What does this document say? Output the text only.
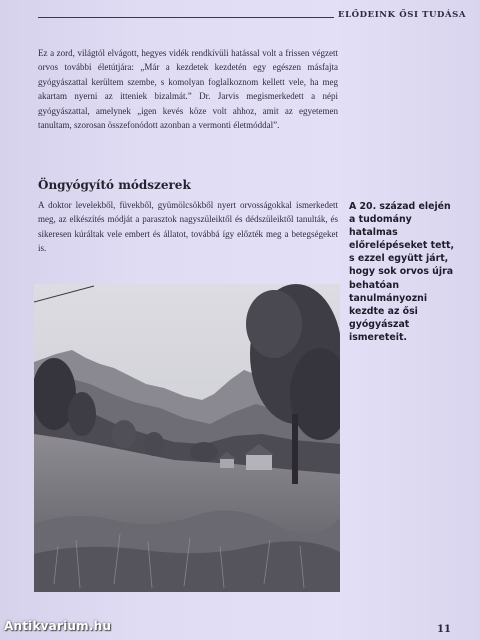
ELŐDEINK ŐSI TUDÁSA

Ez a zord, világtól elvágott, hegyes vidék rendkívüli hatással volt a frissen végzett orvos további életútjára: „Már a kezdetek kezdetén egy egészen másfajta gyógyászattal kerültem szembe, s komolyan foglalkoznom kellett vele, ha meg akartam nyerni az itteniek bizalmát.” Dr. Jarvis megismerkedett a népi gyógyászattal, amelynek „igen kevés köze volt ahhoz, amit az egyetemen tanultam, szorosan összefonódott azonban a vermonti életmóddal”.

Öngyógyító módszerek

A doktor levelekből, füvekből, gyümölcsökből nyert orvosságokkal ismerkedett meg, az elkészítés módját a parasztok nagyszüleiktől és dédszüleiktől tanulták, és sikeresen kúráltak vele embert és állatot, továbbá így előzték meg a betegségeket is.

A 20. század elején a tudomány hatalmas előrelépéseket tett, s ezzel együtt járt, hogy sok orvos újra behatóan tanulmányozni kezdte az ősi gyógyászat ismereteit.

11
Antikvarium.hu
